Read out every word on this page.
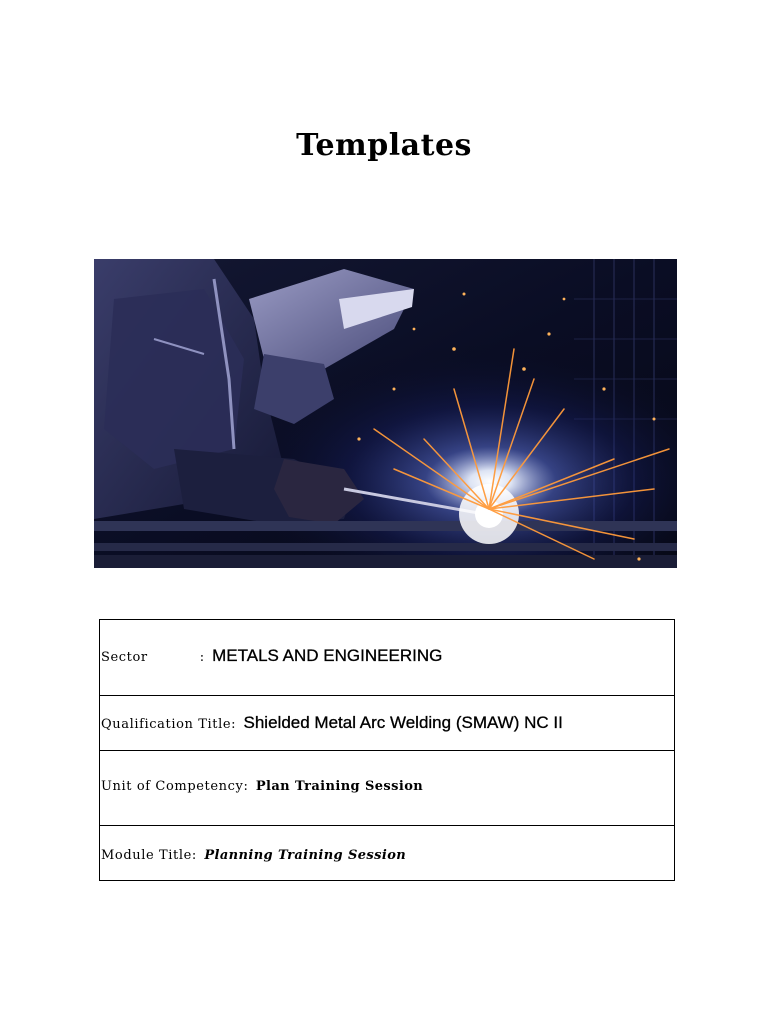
Templates
Sector	: METALS AND ENGINEERING

Qualification Title: Shielded Metal Arc Welding (SMAW) NC II

Unit of Competency: Plan Training Session

Module Title: Planning Training Session
